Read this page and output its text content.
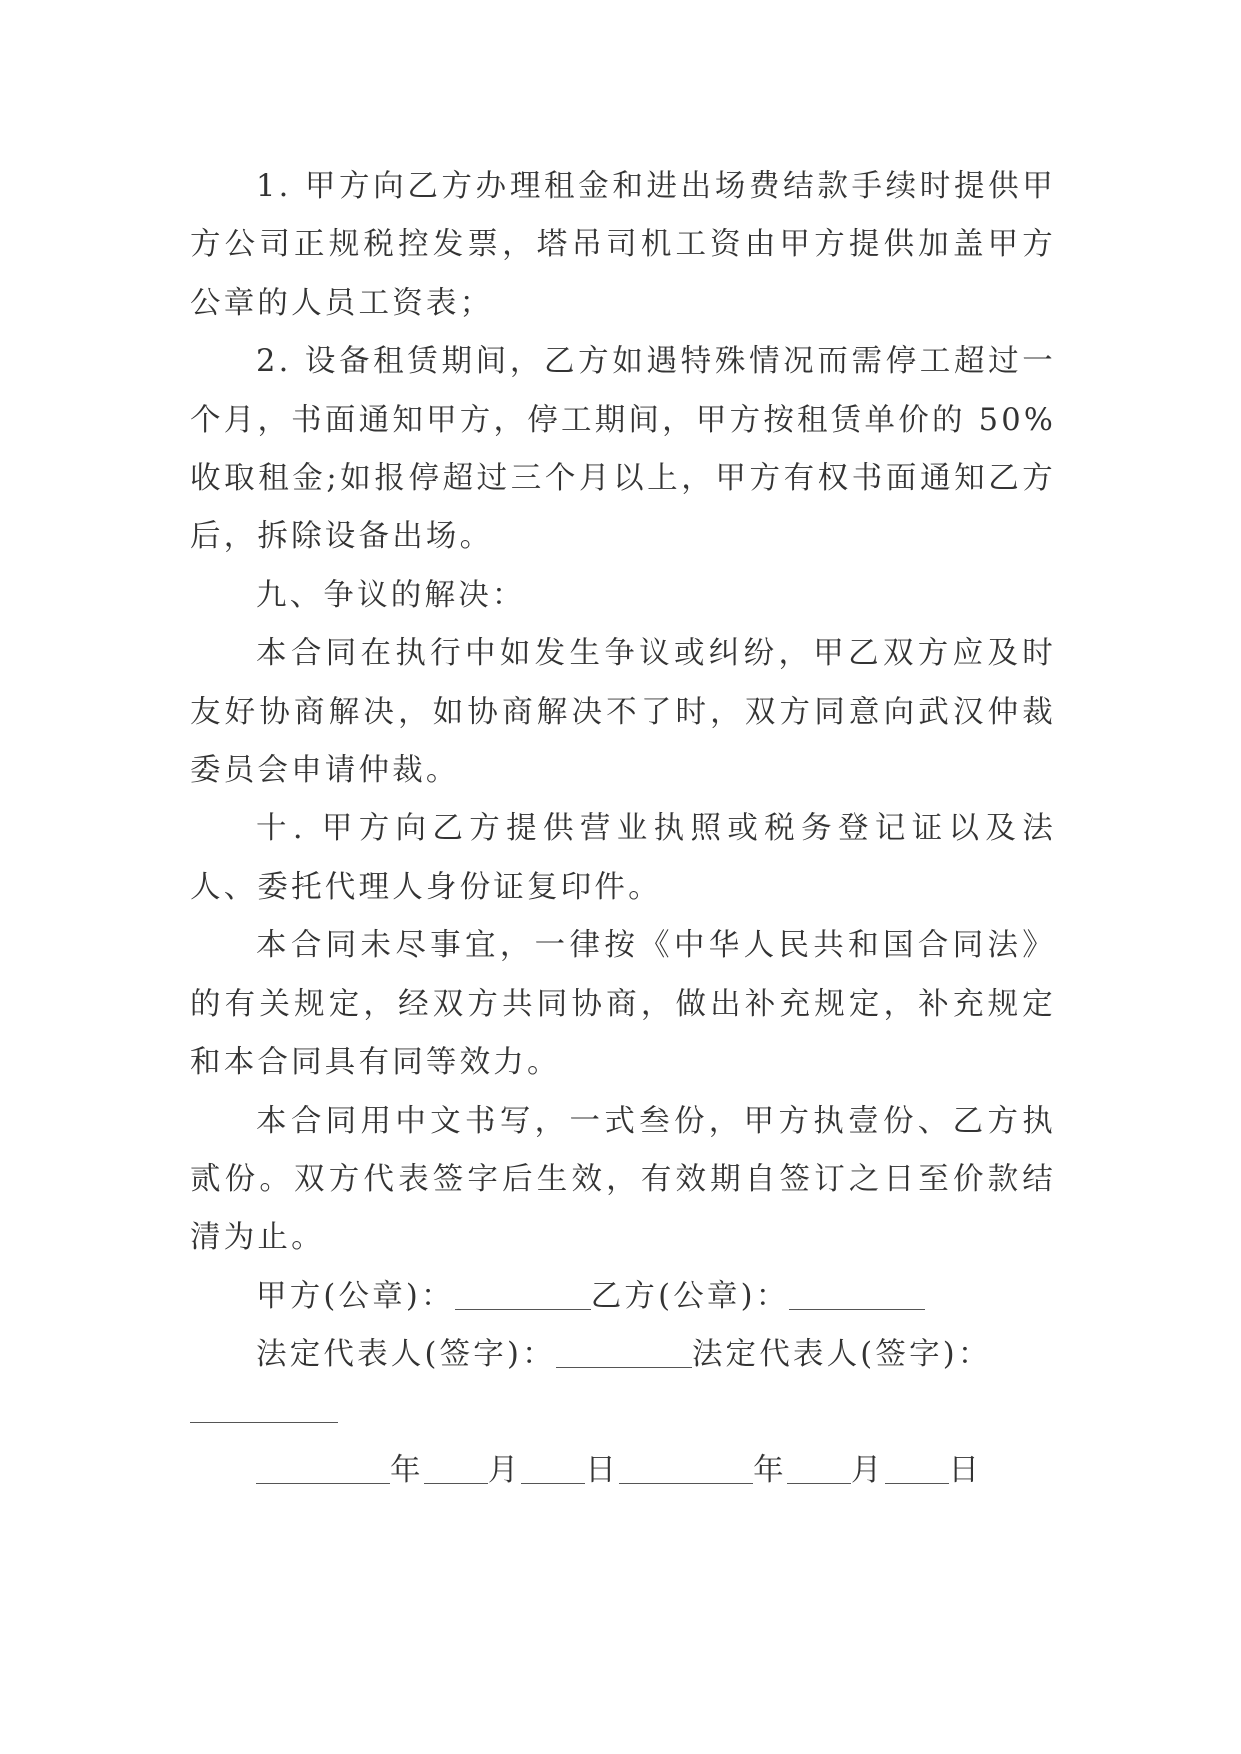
1. 甲方向乙方办理租金和进出场费结款手续时提供甲方公司正规税控发票，塔吊司机工资由甲方提供加盖甲方公章的人员工资表；

2. 设备租赁期间，乙方如遇特殊情况而需停工超过一个月，书面通知甲方，停工期间，甲方按租赁单价的 50%收取租金;如报停超过三个月以上，甲方有权书面通知乙方后，拆除设备出场。

九、争议的解决：

本合同在执行中如发生争议或纠纷，甲乙双方应及时友好协商解决，如协商解决不了时，双方同意向武汉仲裁委员会申请仲裁。

十. 甲方向乙方提供营业执照或税务登记证以及法人、委托代理人身份证复印件。

本合同未尽事宜，一律按《中华人民共和国合同法》的有关规定，经双方共同协商，做出补充规定，补充规定和本合同具有同等效力。

本合同用中文书写，一式叁份，甲方执壹份、乙方执贰份。双方代表签字后生效，有效期自签订之日至价款结清为止。

甲方(公章)：	乙方(公章)：
法定代表人(签字)：	法定代表人(签字)：
年 月 日	年 月 日
